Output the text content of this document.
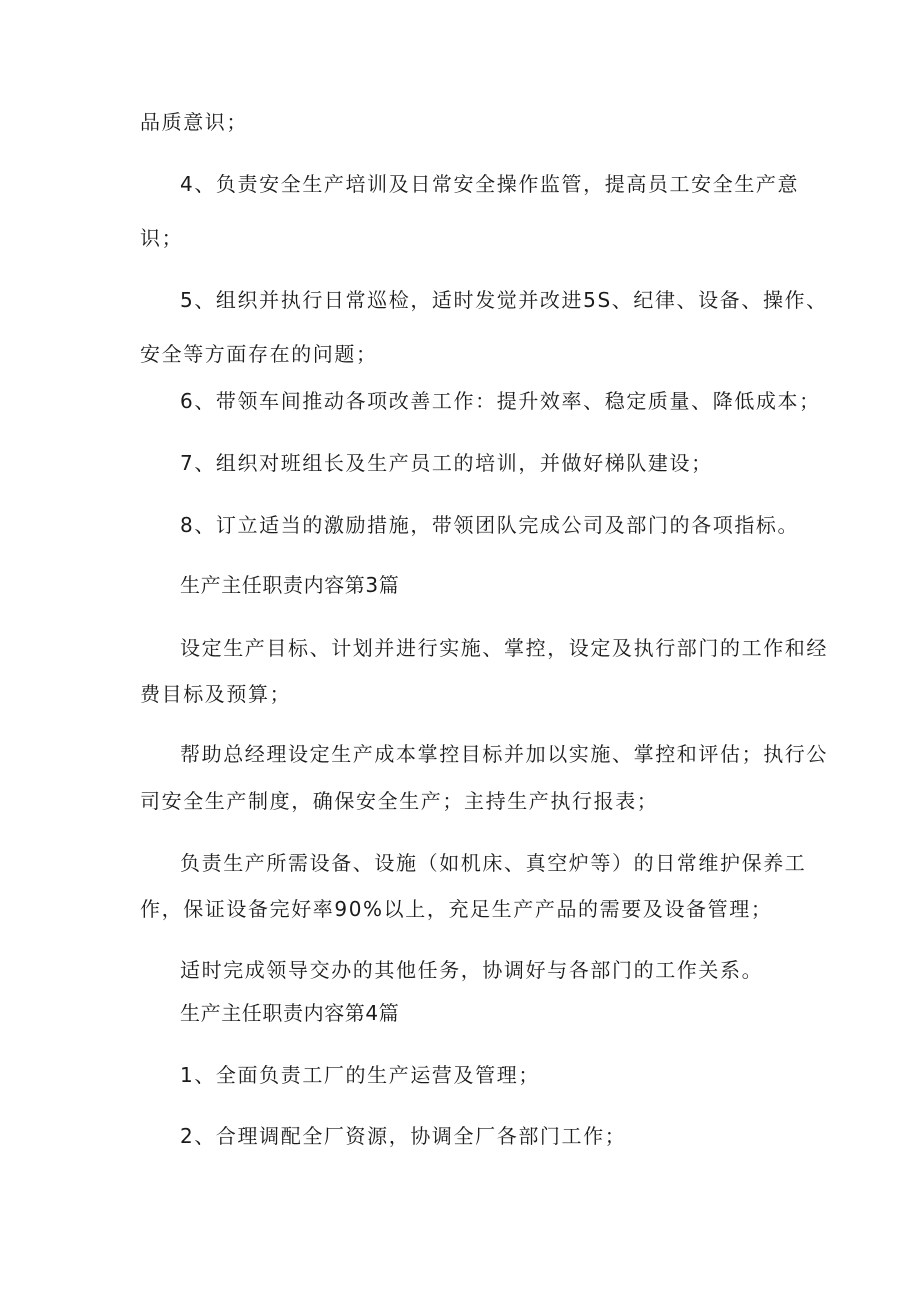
品质意识；
4、负责安全生产培训及日常安全操作监管，提高员工安全生产意
识；
5、组织并执行日常巡检，适时发觉并改进5S、纪律、设备、操作、
安全等方面存在的问题；
6、带领车间推动各项改善工作：提升效率、稳定质量、降低成本；
7、组织对班组长及生产员工的培训，并做好梯队建设；
8、订立适当的激励措施，带领团队完成公司及部门的各项指标。
生产主任职责内容第3篇
设定生产目标、计划并进行实施、掌控，设定及执行部门的工作和经
费目标及预算；
帮助总经理设定生产成本掌控目标并加以实施、掌控和评估；执行公
司安全生产制度，确保安全生产；主持生产执行报表；
负责生产所需设备、设施（如机床、真空炉等）的日常维护保养工
作，保证设备完好率90%以上，充足生产产品的需要及设备管理；
适时完成领导交办的其他任务，协调好与各部门的工作关系。
生产主任职责内容第4篇
1、全面负责工厂的生产运营及管理；
2、合理调配全厂资源，协调全厂各部门工作；
